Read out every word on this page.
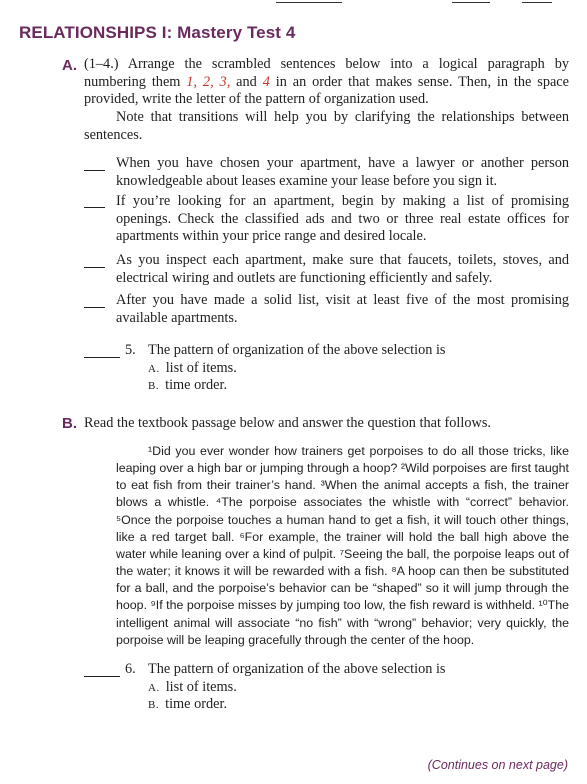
RELATIONSHIPS I: Mastery Test 4
A. (1–4.) Arrange the scrambled sentences below into a logical paragraph by numbering them 1, 2, 3, and 4 in an order that makes sense. Then, in the space provided, write the letter of the pattern of organization used.
Note that transitions will help you by clarifying the relationships between sentences.
When you have chosen your apartment, have a lawyer or another person knowledgeable about leases examine your lease before you sign it.
If you’re looking for an apartment, begin by making a list of promising openings. Check the classified ads and two or three real estate offices for apartments within your price range and desired locale.
As you inspect each apartment, make sure that faucets, toilets, stoves, and electrical wiring and outlets are functioning efficiently and safely.
After you have made a solid list, visit at least five of the most promising available apartments.
5. The pattern of organization of the above selection is
A. list of items.
B. time order.
B. Read the textbook passage below and answer the question that follows.
¹Did you ever wonder how trainers get porpoises to do all those tricks, like leaping over a high bar or jumping through a hoop? ²Wild porpoises are first taught to eat fish from their trainer’s hand. ³When the animal accepts a fish, the trainer blows a whistle. ⁴The porpoise associates the whistle with “correct” behavior. ⁵Once the porpoise touches a human hand to get a fish, it will touch other things, like a red target ball. ⁶For example, the trainer will hold the ball high above the water while leaning over a kind of pulpit. ⁷Seeing the ball, the porpoise leaps out of the water; it knows it will be rewarded with a fish. ⁸A hoop can then be substituted for a ball, and the porpoise’s behavior can be “shaped” so it will jump through the hoop. ⁹If the porpoise misses by jumping too low, the fish reward is withheld. ¹⁰The intelligent animal will associate “no fish” with “wrong” behavior; very quickly, the porpoise will be leaping gracefully through the center of the hoop.
6. The pattern of organization of the above selection is
A. list of items.
B. time order.
(Continues on next page)
